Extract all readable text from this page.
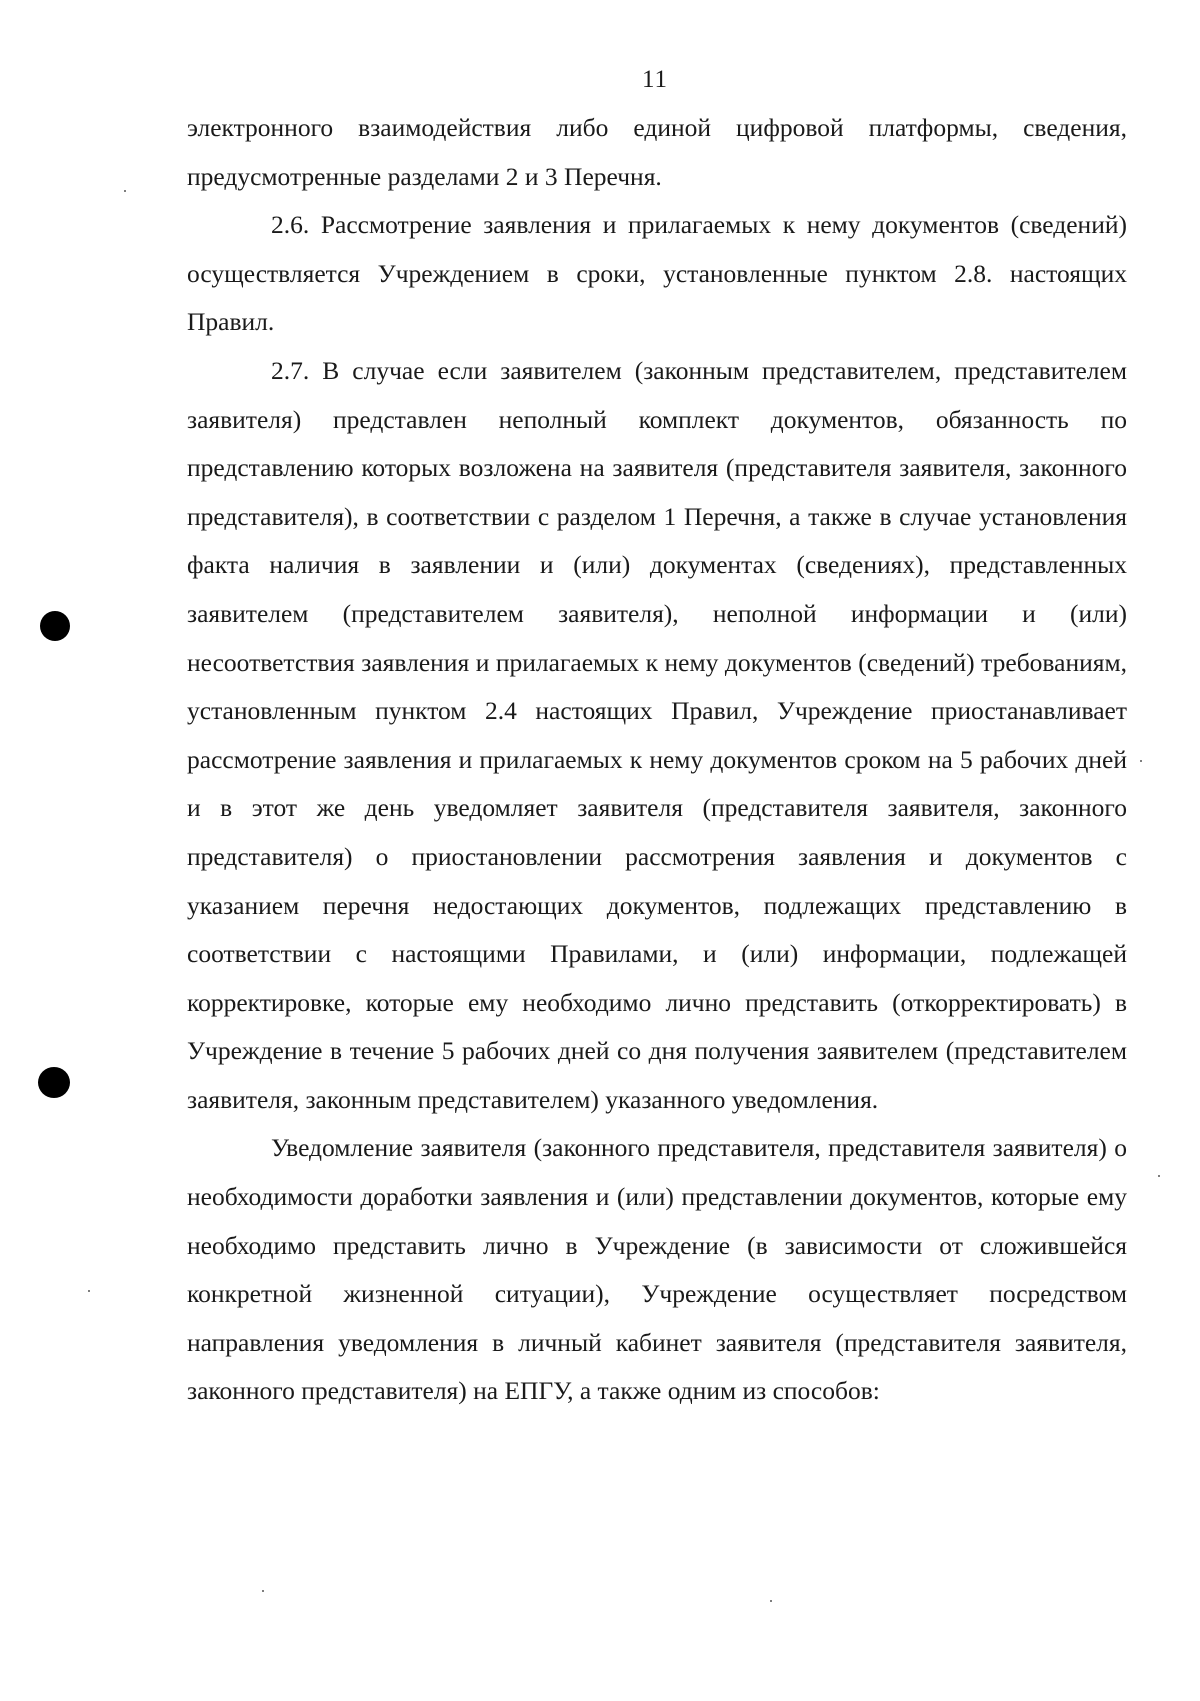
11

электронного взаимодействия либо единой цифровой платформы, сведения, предусмотренные разделами 2 и 3 Перечня.

2.6. Рассмотрение заявления и прилагаемых к нему документов (сведений) осуществляется Учреждением в сроки, установленные пунктом 2.8. настоящих Правил.

2.7. В случае если заявителем (законным представителем, представителем заявителя) представлен неполный комплект документов, обязанность по представлению которых возложена на заявителя (представителя заявителя, законного представителя), в соответствии с разделом 1 Перечня, а также в случае установления факта наличия в заявлении и (или) документах (сведениях), представленных заявителем (представителем заявителя), неполной информации и (или) несоответствия заявления и прилагаемых к нему документов (сведений) требованиям, установленным пунктом 2.4 настоящих Правил, Учреждение приостанавливает рассмотрение заявления и прилагаемых к нему документов сроком на 5 рабочих дней и в этот же день уведомляет заявителя (представителя заявителя, законного представителя) о приостановлении рассмотрения заявления и документов с указанием перечня недостающих документов, подлежащих представлению в соответствии с настоящими Правилами, и (или) информации, подлежащей корректировке, которые ему необходимо лично представить (откорректировать) в Учреждение в течение 5 рабочих дней со дня получения заявителем (представителем заявителя, законным представителем) указанного уведомления.

Уведомление заявителя (законного представителя, представителя заявителя) о необходимости доработки заявления и (или) представлении документов, которые ему необходимо представить лично в Учреждение (в зависимости от сложившейся конкретной жизненной ситуации), Учреждение осуществляет посредством направления уведомления в личный кабинет заявителя (представителя заявителя, законного представителя) на ЕПГУ, а также одним из способов:
